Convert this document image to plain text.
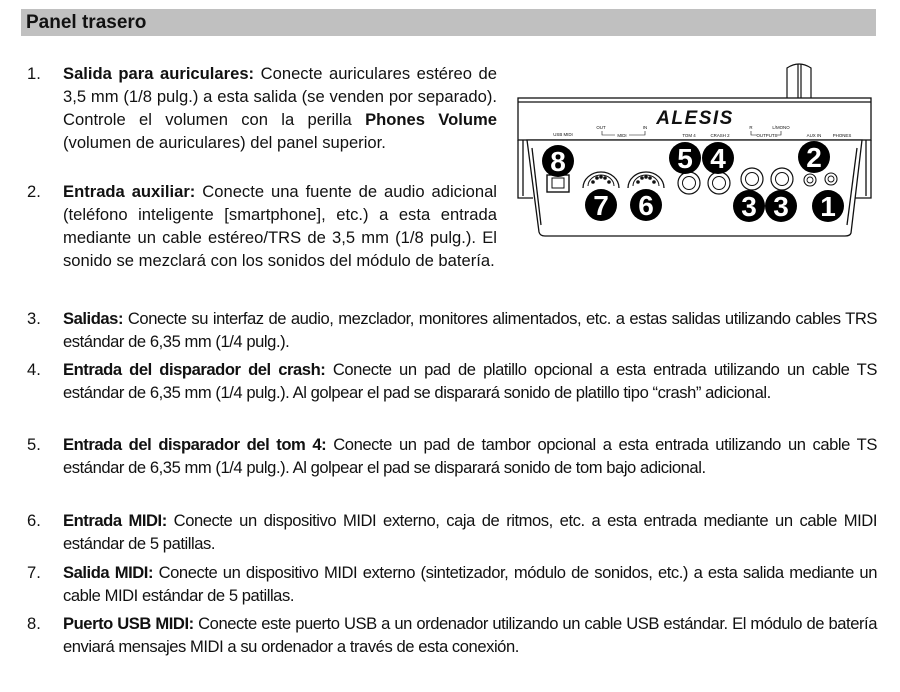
Panel trasero
1. Salida para auriculares: Conecte auriculares estéreo de 3,5 mm (1/8 pulg.) a esta salida (se venden por separado). Controle el volumen con la perilla Phones Volume (volumen de auriculares) del panel superior.
2. Entrada auxiliar: Conecte una fuente de audio adicional (teléfono inteligente [smartphone], etc.) a esta entrada mediante un cable estéreo/TRS de 3,5 mm (1/8 pulg.). El sonido se mezclará con los sonidos del módulo de batería.
3. Salidas: Conecte su interfaz de audio, mezclador, monitores alimentados, etc. a estas salidas utilizando cables TRS estándar de 6,35 mm (1/4 pulg.).
4. Entrada del disparador del crash: Conecte un pad de platillo opcional a esta entrada utilizando un cable TS estándar de 6,35 mm (1/4 pulg.). Al golpear el pad se disparará sonido de platillo tipo “crash” adicional.
5. Entrada del disparador del tom 4: Conecte un pad de tambor opcional a esta entrada utilizando un cable TS estándar de 6,35 mm (1/4 pulg.). Al golpear el pad se disparará sonido de tom bajo adicional.
6. Entrada MIDI: Conecte un dispositivo MIDI externo, caja de ritmos, etc. a esta entrada mediante un cable MIDI estándar de 5 patillas.
7. Salida MIDI: Conecte un dispositivo MIDI externo (sintetizador, módulo de sonidos, etc.) a esta salida mediante un cable MIDI estándar de 5 patillas.
8. Puerto USB MIDI: Conecte este puerto USB a un ordenador utilizando un cable USB estándar. El módulo de batería enviará mensajes MIDI a su ordenador a través de esta conexión.
ALESIS
USB MIDI
OUT
MIDI
IN
TOM 4	CRASH 2
R	L/MONO
OUTPUTS	AUX IN	PHONES
8
7 6
5 4
3 3
2
1
